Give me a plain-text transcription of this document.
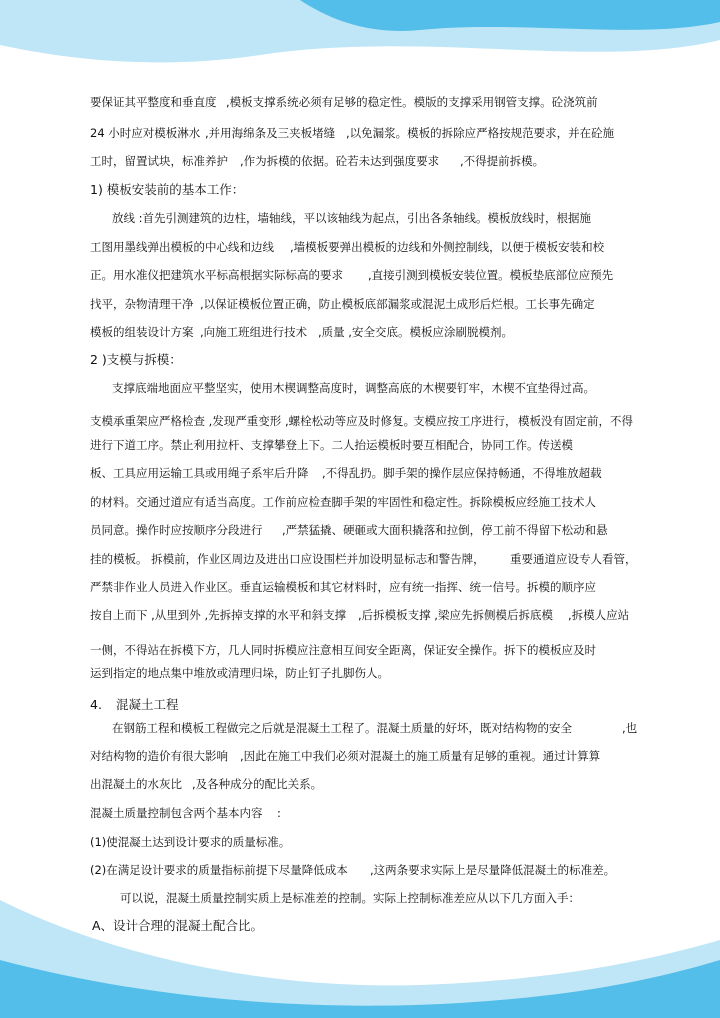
要保证其平整度和垂直度 ,模板支撑系统必须有足够的稳定性。模版的支撑采用钢管支撑。砼浇筑前
24 小时应对模板淋水 ,并用海绵条及三夹板堵缝 ,以免漏浆。模板的拆除应严格按规范要求，并在砼施
工时，留置试块，标准养护 ,作为拆模的依据。砼若未达到强度要求 ,不得提前拆模。
1) 模板安装前的基本工作：
放线 :首先引测建筑的边柱，墙轴线，平以该轴线为起点，引出各条轴线。模板放线时，根据施
工图用墨线弹出模板的中心线和边线 ,墙模板要弹出模板的边线和外侧控制线，以便于模板安装和校
正。用水准仪把建筑水平标高根据实际标高的要求 ,直接引测到模板安装位置。模板垫底部位应预先
找平，杂物清理干净 ,以保证模板位置正确，防止模板底部漏浆或混泥土成形后烂根。工长事先确定
模板的组装设计方案 ,向施工班组进行技术 ,质量 ,安全交底。模板应涂刷脱模剂。
2 )支模与拆模：
支撑底端地面应平整坚实，使用木楔调整高度时，调整高底的木楔要钉牢，木楔不宜垫得过高。
支模承重架应严格检查 ,发现严重变形 ,螺栓松动等应及时修复。
支模应按工序进行， 模板没有固定前，不得
进行下道工序。禁止利用拉杆、支撑攀登上下。二人抬运模板时要互相配合，协同工作。传送模
板、工具应用运输工具或用绳子系牢后升降 ,不得乱扔。脚手架的操作层应保持畅通，不得堆放超载
的材料。交通过道应有适当高度。工作前应检查脚手架的牢固性和稳定性。拆除模板应经施工技术人
员同意。操作时应按顺序分段进行 ,严禁猛撬、硬砸或大面积撬落和拉倒，停工前不得留下松动和悬
挂的模板。 拆模前，作业区周边及进出口应设围栏并加设明显标志和警告牌， 重要通道应设专人看管，
严禁非作业人员进入作业区。垂直运输模板和其它材料时，应有统一指挥、统一信号。拆模的顺序应
按自上而下 ,从里到外 ,先拆掉支撑的水平和斜支撑 ,后拆模板支撑 ,梁应先拆侧模后拆底模 ,拆模人应站
一侧，不得站在拆模下方，几人同时拆模应注意相互间安全距离，保证安全操作。拆下的模板应及时
运到指定的地点集中堆放或清理归垛，防止钉子扎脚伤人。
4. 混凝土工程
在钢筋工程和模板工程做完之后就是混凝土工程了。混凝土质量的好坏，既对结构物的安全	,也
对结构物的造价有很大影响 ,因此在施工中我们必须对混凝土的施工质量有足够的重视。通过计算算
出混凝土的水灰比 ,及各种成分的配比关系。
混凝土质量控制包含两个基本内容 :
(1)使混凝土达到设计要求的质量标准。
(2)在满足设计要求的质量指标前提下尽量降低成本 ,这两条要求实际上是尽量降低混凝土的标准差。
可以说，混凝土质量控制实质上是标准差的控制。实际上控制标准差应从以下几方面入手：
A、设计合理的混凝土配合比。
